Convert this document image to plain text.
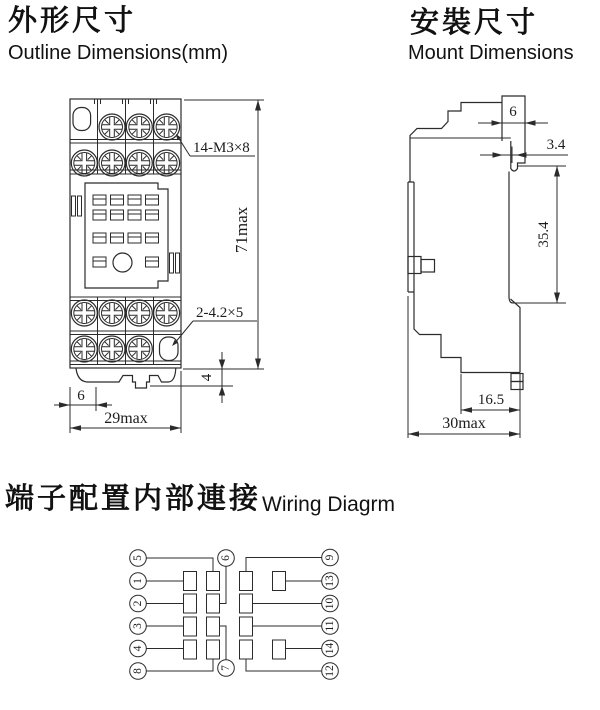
外形尺寸
Outline Dimensions(mm)
安裝尺寸
Mount Dimensions
端子配置内部連接 Wiring Diagrm
71max
4
6
29max
14-M3×8
2-4.2×5
6
3.4
35.4
16.5
30max
5
1
2
3
4
8
6
7
9
13
10
11
14
12
